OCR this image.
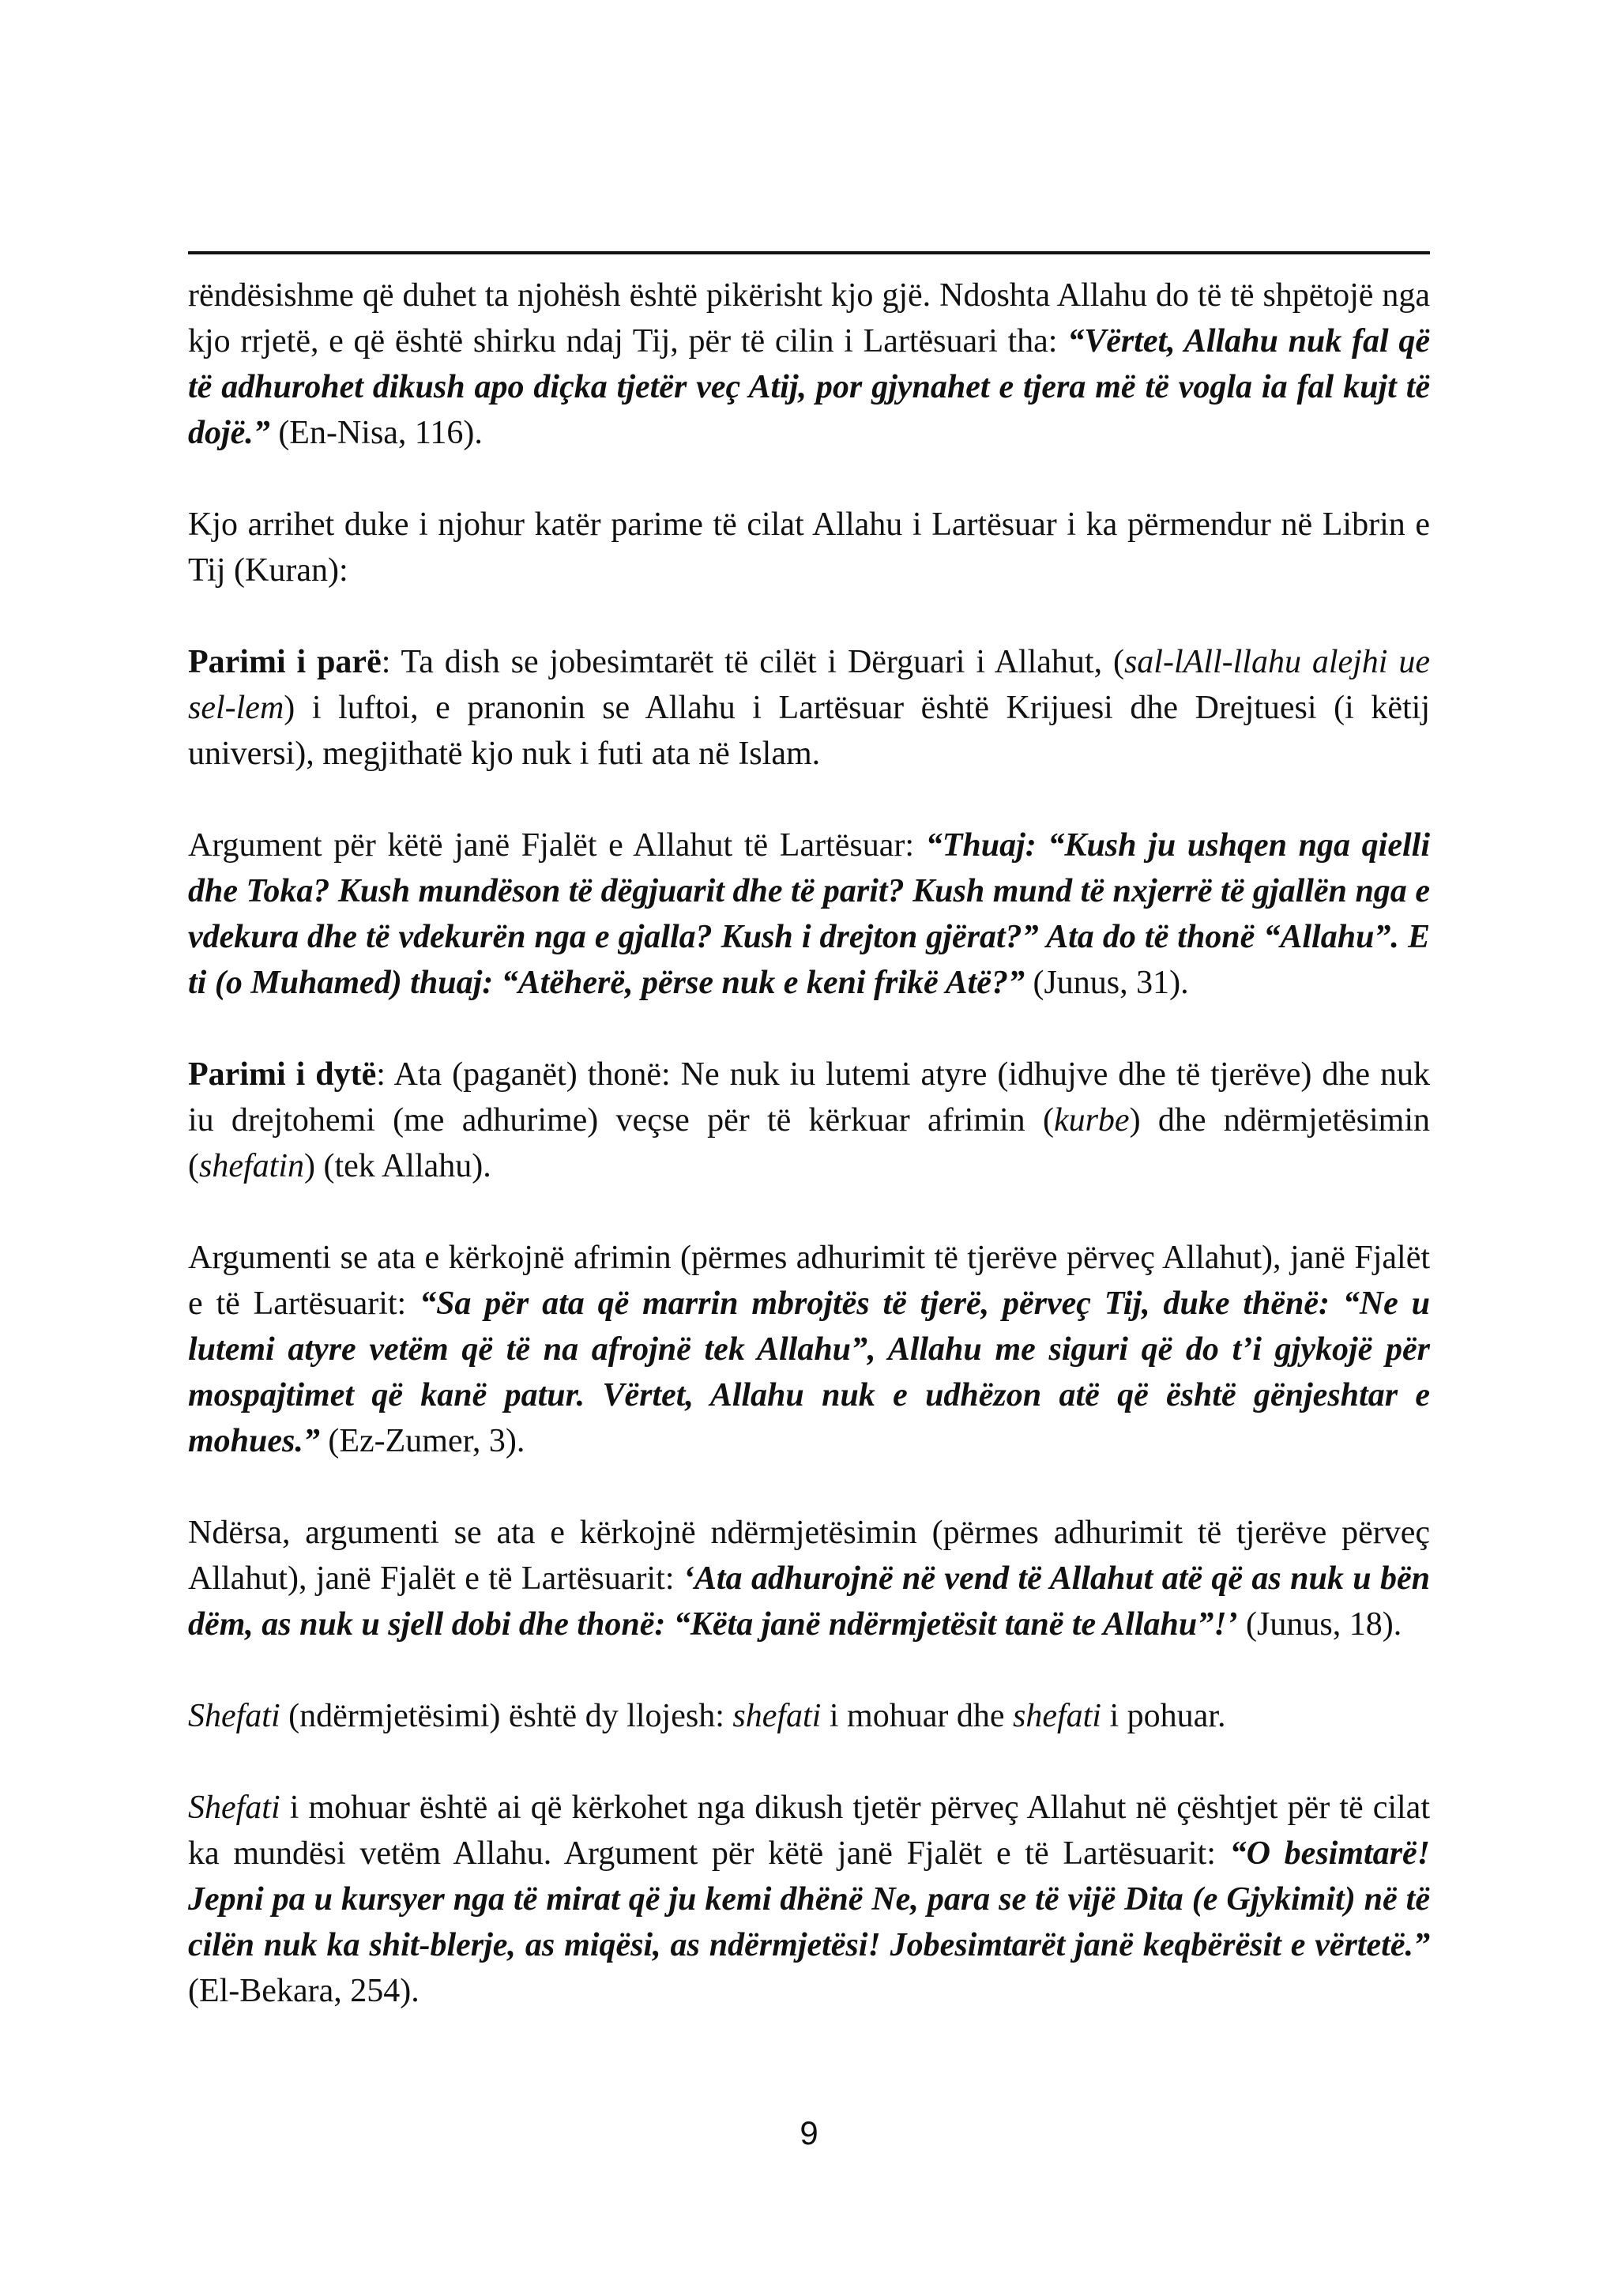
rëndësishme që duhet ta njohësh është pikërisht kjo gjë. Ndoshta Allahu do të të shpëtojë nga kjo rrjetë, e që është shirku ndaj Tij, për të cilin i Lartësuari tha: “Vërtet, Allahu nuk fal që të adhurohet dikush apo diçka tjetër veç Atij, por gjynahet e tjera më të vogla ia fal kujt të dojë.” (En-Nisa, 116).

Kjo arrihet duke i njohur katër parime të cilat Allahu i Lartësuar i ka përmendur në Librin e Tij (Kuran):

Parimi i parë: Ta dish se jobesimtarët të cilët i Dërguari i Allahut, (sal-lAll-llahu alejhi ue sel-lem) i luftoi, e pranonin se Allahu i Lartësuar është Krijuesi dhe Drejtuesi (i këtij universi), megjithatë kjo nuk i futi ata në Islam.

Argument për këtë janë Fjalët e Allahut të Lartësuar: “Thuaj: “Kush ju ushqen nga qielli dhe Toka? Kush mundëson të dëgjuarit dhe të parit? Kush mund të nxjerrë të gjallën nga e vdekura dhe të vdekurën nga e gjalla? Kush i drejton gjërat?” Ata do të thonë “Allahu”. E ti (o Muhamed) thuaj: “Atëherë, përse nuk e keni frikë Atë?” (Junus, 31).

Parimi i dytë: Ata (paganët) thonë: Ne nuk iu lutemi atyre (idhujve dhe të tjerëve) dhe nuk iu drejtohemi (me adhurime) veçse për të kërkuar afrimin (kurbe) dhe ndërmjetësimin (shefatin) (tek Allahu).

Argumenti se ata e kërkojnë afrimin (përmes adhurimit të tjerëve përveç Allahut), janë Fjalët e të Lartësuarit: “Sa për ata që marrin mbrojtës të tjerë, përveç Tij, duke thënë: “Ne u lutemi atyre vetëm që të na afrojnë tek Allahu”, Allahu me siguri që do t’i gjykojë për mospajtimet që kanë patur. Vërtet, Allahu nuk e udhëzon atë që është gënjeshtar e mohues.” (Ez-Zumer, 3).

Ndërsa, argumenti se ata e kërkojnë ndërmjetësimin (përmes adhurimit të tjerëve përveç Allahut), janë Fjalët e të Lartësuarit: ‘Ata adhurojnë në vend të Allahut atë që as nuk u bën dëm, as nuk u sjell dobi dhe thonë: “Këta janë ndërmjetësit tanë te Allahu”!’ (Junus, 18).

Shefati (ndërmjetësimi) është dy llojesh: shefati i mohuar dhe shefati i pohuar.

Shefati i mohuar është ai që kërkohet nga dikush tjetër përveç Allahut në çështjet për të cilat ka mundësi vetëm Allahu. Argument për këtë janë Fjalët e të Lartësuarit: “O besimtarë! Jepni pa u kursyer nga të mirat që ju kemi dhënë Ne, para se të vijë Dita (e Gjykimit) në të cilën nuk ka shit-blerje, as miqësi, as ndërmjetësi! Jobesimtarët janë keqbërësit e vërtetë.” (El-Bekara, 254).

9
